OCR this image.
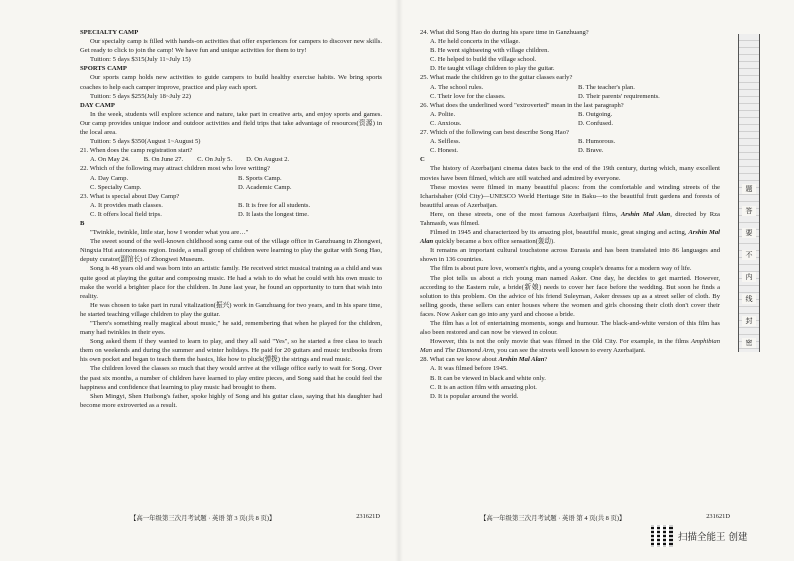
SPECIALTY CAMP

Our specialty camp is filled with hands-on activities that offer experiences for campers to discover new skills. Get ready to click to join the camp! We have fun and unique activities for them to try!

Tuition: 5 days $315(July 11~July 15)

SPORTS CAMP

Our sports camp holds new activities to guide campers to build healthy exercise habits. We bring sports coaches to help each camper improve, practice and play each sport.

Tuition: 5 days $255(July 18~July 22)

DAY CAMP

In the week, students will explore science and nature, take part in creative arts, and enjoy sports and games. Our camp provides unique indoor and outdoor activities and field trips that take advantage of resources(资源) in the local area.

Tuition: 5 days $350(August 1~August 5)

21. When does the camp registration start?

A. On May 24. B. On June 27. C. On July 5. D. On August 2.

22. Which of the following may attract children most who love writing?

A. Day Camp.	B. Sports Camp.
C. Specialty Camp.	D. Academic Camp.

23. What is special about Day Camp?

A. It provides math classes.	B. It is free for all students.
C. It offers local field trips.	D. It lasts the longest time.

B

"Twinkle, twinkle, little star, how I wonder what you are…"

The sweet sound of the well-known childhood song came out of the village office in Ganzhuang in Zhongwei, Ningxia Hui autonomous region. Inside, a small group of children were learning to play the guitar with Song Hao, deputy curator(副馆长) of Zhongwei Museum.

Song is 48 years old and was born into an artistic family. He received strict musical training as a child and was quite good at playing the guitar and composing music. He had a wish to do what he could with his own music to make the world a brighter place for the children. In June last year, he found an opportunity to turn that wish into reality.

He was chosen to take part in rural vitalization(振兴) work in Ganzhuang for two years, and in his spare time, he started teaching village children to play the guitar.

"There's something really magical about music," he said, remembering that when he played for the children, many had twinkles in their eyes.

Song asked them if they wanted to learn to play, and they all said "Yes", so he started a free class to teach them on weekends and during the summer and winter holidays. He paid for 20 guitars and music textbooks from his own pocket and began to teach them the basics, like how to pluck(弹拨) the strings and read music.

The children loved the classes so much that they would arrive at the village office early to wait for Song. Over the past six months, a number of children have learned to play entire pieces, and Song said that he could feel the happiness and confidence that learning to play music had brought to them.

Shen Mingyi, Shen Huibong's father, spoke highly of Song and his guitar class, saying that his daughter had become more extroverted as a result.

24. What did Song Hao do during his spare time in Ganzhuang?

A. He held concerts in the village.
B. He went sightseeing with village children.
C. He helped to build the village school.
D. He taught village children to play the guitar.

25. What made the children go to the guitar classes early?

A. The school rules.	B. The teacher's plan.
C. Their love for the classes.	D. Their parents' requirements.

26. What does the underlined word "extroverted" mean in the last paragraph?

A. Polite.	B. Outgoing.
C. Anxious.	D. Confused.

27. Which of the following can best describe Song Hao?

A. Selfless.	B. Humorous.
C. Honest.	D. Brave.

C

The history of Azerbaijani cinema dates back to the end of the 19th century, during which, many excellent movies have been filmed, which are still watched and admired by everyone.

These movies were filmed in many beautiful places: from the comfortable and winding streets of the Icharishaher (Old City)—UNESCO World Heritage Site in Baku—to the beautiful fruit gardens and forests of beautiful areas of Azerbaijan.

Here, on these streets, one of the most famous Azerbaijani films, Arshin Mal Alan, directed by Rza Tahmasib, was filmed.

Filmed in 1945 and characterized by its amazing plot, beautiful music, great singing and acting, Arshin Mal Alan quickly became a box office sensation(轰动).

It remains an important cultural touchstone across Eurasia and has been translated into 86 languages and shown in 136 countries.

The film is about pure love, women's rights, and a young couple's dreams for a modern way of life.

The plot tells us about a rich young man named Asker. One day, he decides to get married. However, according to the Eastern rule, a bride(新娘) needs to cover her face before the wedding. But soon he finds a solution to this problem. On the advice of his friend Suleyman, Asker dresses up as a street seller of cloth. By selling goods, these sellers can enter houses where the women and girls choosing their cloth don't cover their faces. Now Asker can go into any yard and choose a bride.

The film has a lot of entertaining moments, songs and humour. The black-and-white version of this film has also been restored and can now be viewed in colour.

However, this is not the only movie that was filmed in the Old City. For example, in the films Amphibian Man and The Diamond Arm, you can see the streets well known to every Azerbaijani.

28. What can we know about Arshin Mal Alan?

A. It was filmed before 1945.
B. It can be viewed in black and white only.
C. It is an action film with amazing plot.
D. It is popular around the world.
【高一年级第三次月考试题 · 英语 第 3 页(共 8 页)】	231621D	【高一年级第三次月考试题 · 英语 第 4 页(共 8 页)】	231621D
题
答
要
不
内
线
封
密
扫描全能王 创建
